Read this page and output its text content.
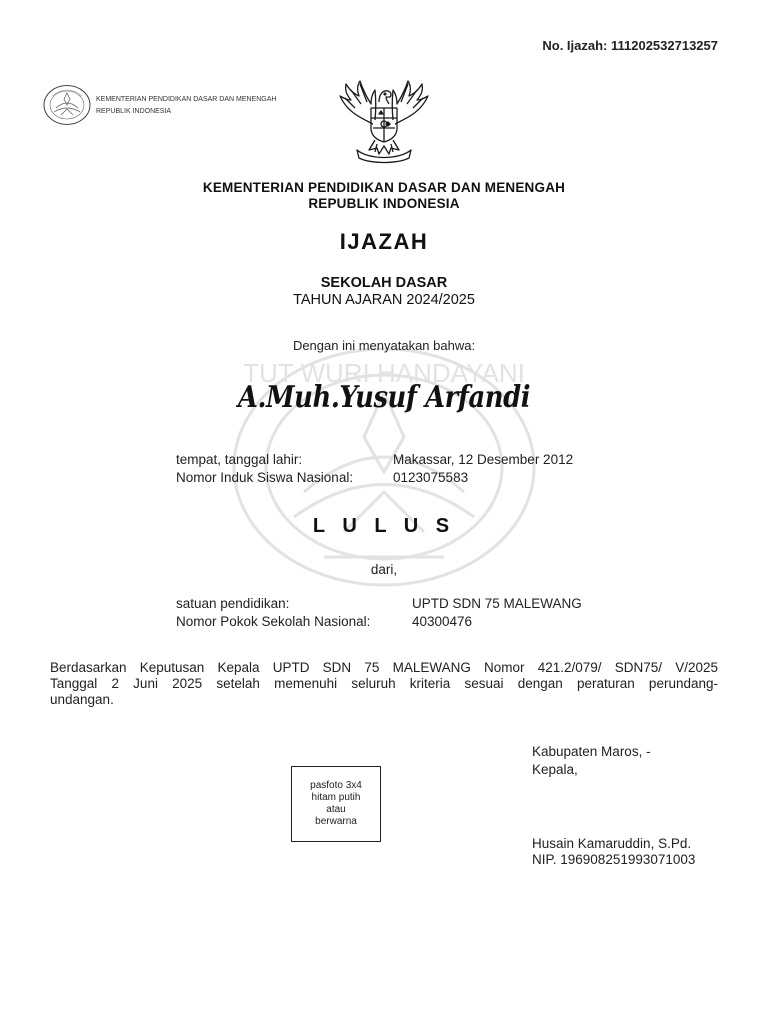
No. Ijazah: 111202532713257
KEMENTERIAN PENDIDIKAN DASAR DAN MENENGAH
REPUBLIK INDONESIA
TUT WURI HANDAYANI
KEMENTERIAN PENDIDIKAN DASAR DAN MENENGAH
REPUBLIK INDONESIA
IJAZAH
SEKOLAH DASAR
TAHUN AJARAN 2024/2025
Dengan ini menyatakan bahwa:
A.Muh.Yusuf Arfandi
tempat, tanggal lahir:	Makassar, 12 Desember 2012
Nomor Induk Siswa Nasional:	0123075583
L U L U S
dari,
satuan pendidikan:	UPTD SDN 75 MALEWANG
Nomor Pokok Sekolah Nasional:	40300476
Berdasarkan Keputusan Kepala UPTD SDN 75 MALEWANG Nomor 421.2/079/ SDN75/ V/2025
Tanggal 2 Juni 2025 setelah memenuhi seluruh kriteria sesuai dengan peraturan perundang-
undangan.
Kabupaten Maros, -
Kepala,
Husain Kamaruddin, S.Pd.
NIP. 196908251993071003
pasfoto 3x4
hitam putih
atau
berwarna
